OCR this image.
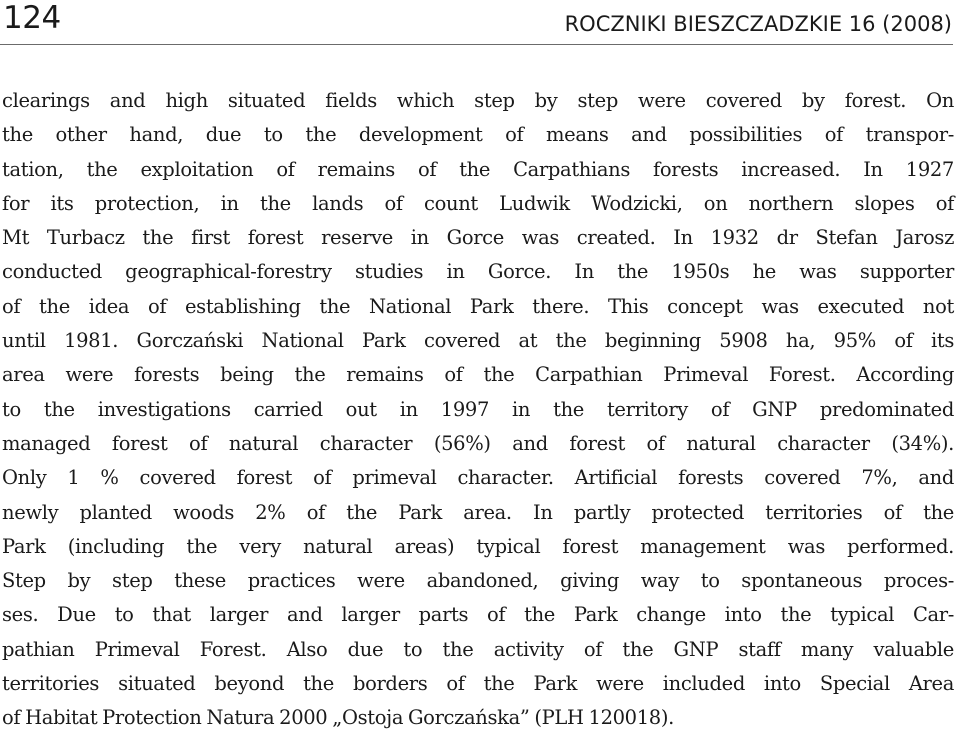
124	ROCZNIKI BIESZCZADZKIE 16 (2008)
clearings and high situated fields which step by step were covered by forest. On
the other hand, due to the development of means and possibilities of transpor-
tation, the exploitation of remains of the Carpathians forests increased. In 1927
for its protection, in the lands of count Ludwik Wodzicki, on northern slopes of
Mt Turbacz the first forest reserve in Gorce was created. In 1932 dr Stefan Jarosz
conducted geographical-forestry studies in Gorce. In the 1950s he was supporter
of the idea of establishing the National Park there. This concept was executed not
until 1981. Gorczański National Park covered at the beginning 5908 ha, 95% of its
area were forests being the remains of the Carpathian Primeval Forest. According
to the investigations carried out in 1997 in the territory of GNP predominated
managed forest of natural character (56%) and forest of natural character (34%).
Only 1 % covered forest of primeval character. Artificial forests covered 7%, and
newly planted woods 2% of the Park area. In partly protected territories of the
Park (including the very natural areas) typical forest management was performed.
Step by step these practices were abandoned, giving way to spontaneous proces-
ses. Due to that larger and larger parts of the Park change into the typical Car-
pathian Primeval Forest. Also due to the activity of the GNP staff many valuable
territories situated beyond the borders of the Park were included into Special Area
of Habitat Protection Natura 2000 „Ostoja Gorczańska” (PLH 120018).
